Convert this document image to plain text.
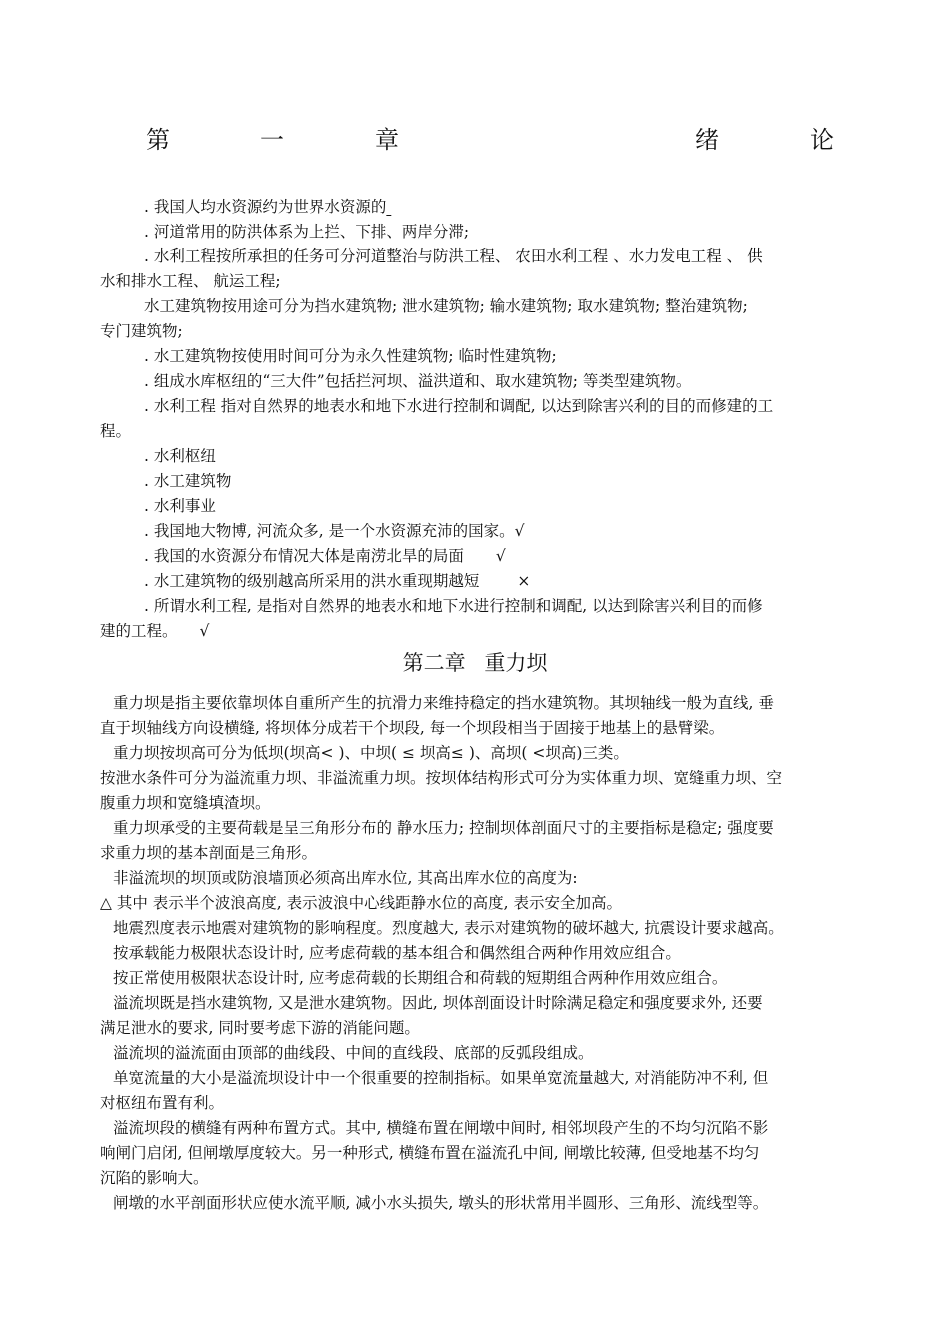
第	一	章	绪	论
. 我国人均水资源约为世界水资源的
. 河道常用的防洪体系为上拦、下排、两岸分滞;
. 水利工程按所承担的任务可分河道整治与防洪工程、 农田水利工程 、水力发电工程 、 供
水和排水工程、 航运工程;
水工建筑物按用途可分为挡水建筑物; 泄水建筑物; 输水建筑物; 取水建筑物; 整治建筑物;
专门建筑物;
. 水工建筑物按使用时间可分为永久性建筑物; 临时性建筑物;
. 组成水库枢纽的“三大件”包括拦河坝、溢洪道和、取水建筑物; 等类型建筑物。
. 水利工程 指对自然界的地表水和地下水进行控制和调配, 以达到除害兴利的目的而修建的工
程。
. 水利枢纽
. 水工建筑物
. 水利事业
. 我国地大物博, 河流众多, 是一个水资源充沛的国家。√
. 我国的水资源分布情况大体是南涝北旱的局面 √
. 水工建筑物的级别越高所采用的洪水重现期越短 ×
. 所谓水利工程, 是指对自然界的地表水和地下水进行控制和调配, 以达到除害兴利目的而修
建的工程。 √
第二章 重力坝
重力坝是指主要依靠坝体自重所产生的抗滑力来维持稳定的挡水建筑物。其坝轴线一般为直线, 垂
直于坝轴线方向设横缝, 将坝体分成若干个坝段, 每一个坝段相当于固接于地基上的悬臂梁。
重力坝按坝高可分为低坝(坝高< )、中坝( ≤ 坝高≤ )、高坝( <坝高)三类。
按泄水条件可分为溢流重力坝、非溢流重力坝。按坝体结构形式可分为实体重力坝、宽缝重力坝、空
腹重力坝和宽缝填渣坝。
重力坝承受的主要荷载是呈三角形分布的 静水压力; 控制坝体剖面尺寸的主要指标是稳定; 强度要
求重力坝的基本剖面是三角形。
非溢流坝的坝顶或防浪墙顶必须高出库水位, 其高出库水位的高度为:
△ 其中 表示半个波浪高度, 表示波浪中心线距静水位的高度, 表示安全加高。
地震烈度表示地震对建筑物的影响程度。烈度越大, 表示对建筑物的破坏越大, 抗震设计要求越高。
按承载能力极限状态设计时, 应考虑荷载的基本组合和偶然组合两种作用效应组合。
按正常使用极限状态设计时, 应考虑荷载的长期组合和荷载的短期组合两种作用效应组合。
溢流坝既是挡水建筑物, 又是泄水建筑物。因此, 坝体剖面设计时除满足稳定和强度要求外, 还要
满足泄水的要求, 同时要考虑下游的消能问题。
溢流坝的溢流面由顶部的曲线段、中间的直线段、底部的反弧段组成。
单宽流量的大小是溢流坝设计中一个很重要的控制指标。如果单宽流量越大, 对消能防冲不利, 但
对枢纽布置有利。
溢流坝段的横缝有两种布置方式。其中, 横缝布置在闸墩中间时, 相邻坝段产生的不均匀沉陷不影
响闸门启闭, 但闸墩厚度较大。另一种形式, 横缝布置在溢流孔中间, 闸墩比较薄, 但受地基不均匀
沉陷的影响大。
闸墩的水平剖面形状应使水流平顺, 减小水头损失, 墩头的形状常用半圆形、三角形、流线型等。
